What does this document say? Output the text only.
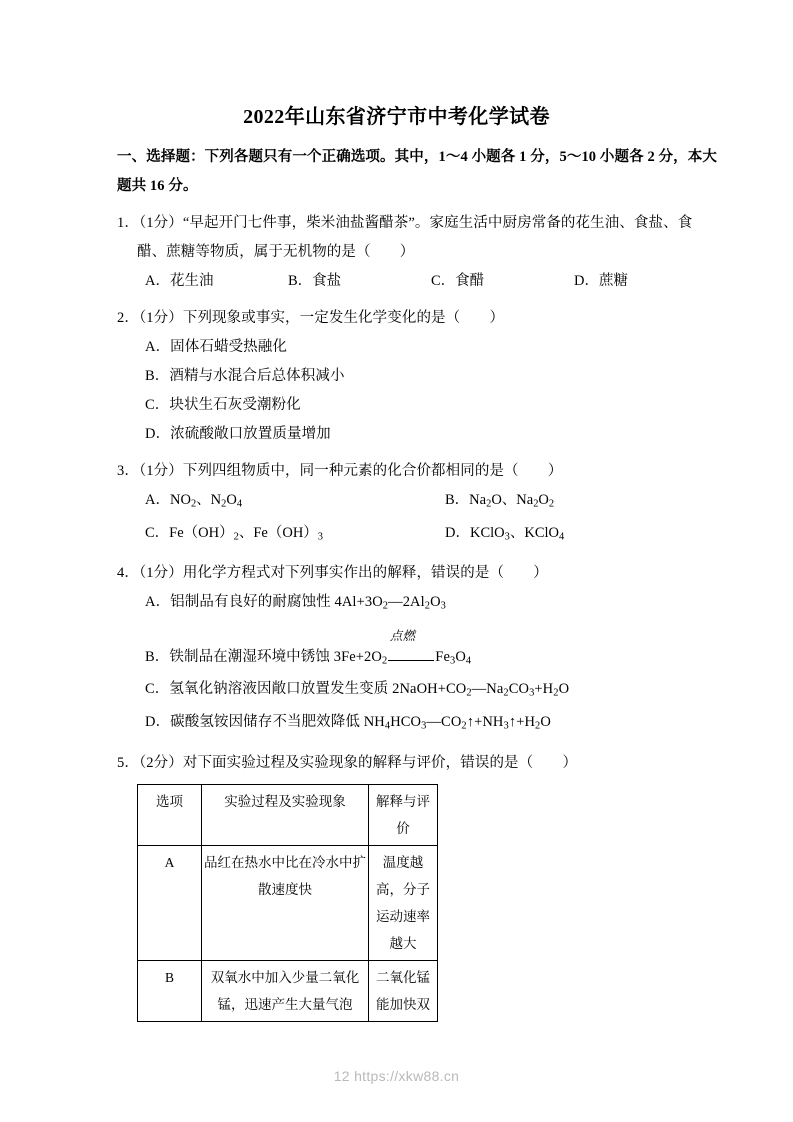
2022年山东省济宁市中考化学试卷
一、选择题：下列各题只有一个正确选项。其中，1～4 小题各 1 分，5～10 小题各 2 分，本大题共 16 分。
1．（1分）“早起开门七件事，柴米油盐酱醋茶”。家庭生活中厨房常备的花生油、食盐、食醋、蔗糖等物质，属于无机物的是（　　）
A．花生油	B．食盐	C．食醋	D．蔗糖
2．（1分）下列现象或事实，一定发生化学变化的是（　　）
A．固体石蜡受热融化
B．酒精与水混合后总体积减小
C．块状生石灰受潮粉化
D．浓硫酸敞口放置质量增加
3．（1分）下列四组物质中，同一种元素的化合价都相同的是（　　）
A．$NO_2$、$N_2O_4$	B．$Na_2O$、$Na_2O_2$
C．$Fe(OH)_2$、$Fe(OH)_3$	D．KClO$_3$、KClO$_4$
4．（1分）用化学方程式对下列事实作出的解释，错误的是（　　）
A．铝制品有良好的耐腐蚀性 $4Al+3O_2—2Al_2O_3$
B．铁制品在潮湿环境中锈蚀
点燃
$3Fe+2O_2$	$Fe_3O_4$
C．氢氧化钠溶液因敞口放置发生变质 $2NaOH+CO_2—Na_2CO_3+H_2O$
D．碳酸氢铵因储存不当肥效降低 $NH_4HCO_3—CO_2↑+NH_3↑+H_2O$
5．（2分）对下面实验过程及实验现象的解释与评价，错误的是（　　）
选项	实验过程及实验现象	解释与评价
A	品红在热水中比在冷水中扩散速度快	温度越高，分子运动速率越大
B	双氧水中加入少量二氧化锰，迅速产生大量气泡	二氧化锰能加快双
12 https://xkw88.cn
